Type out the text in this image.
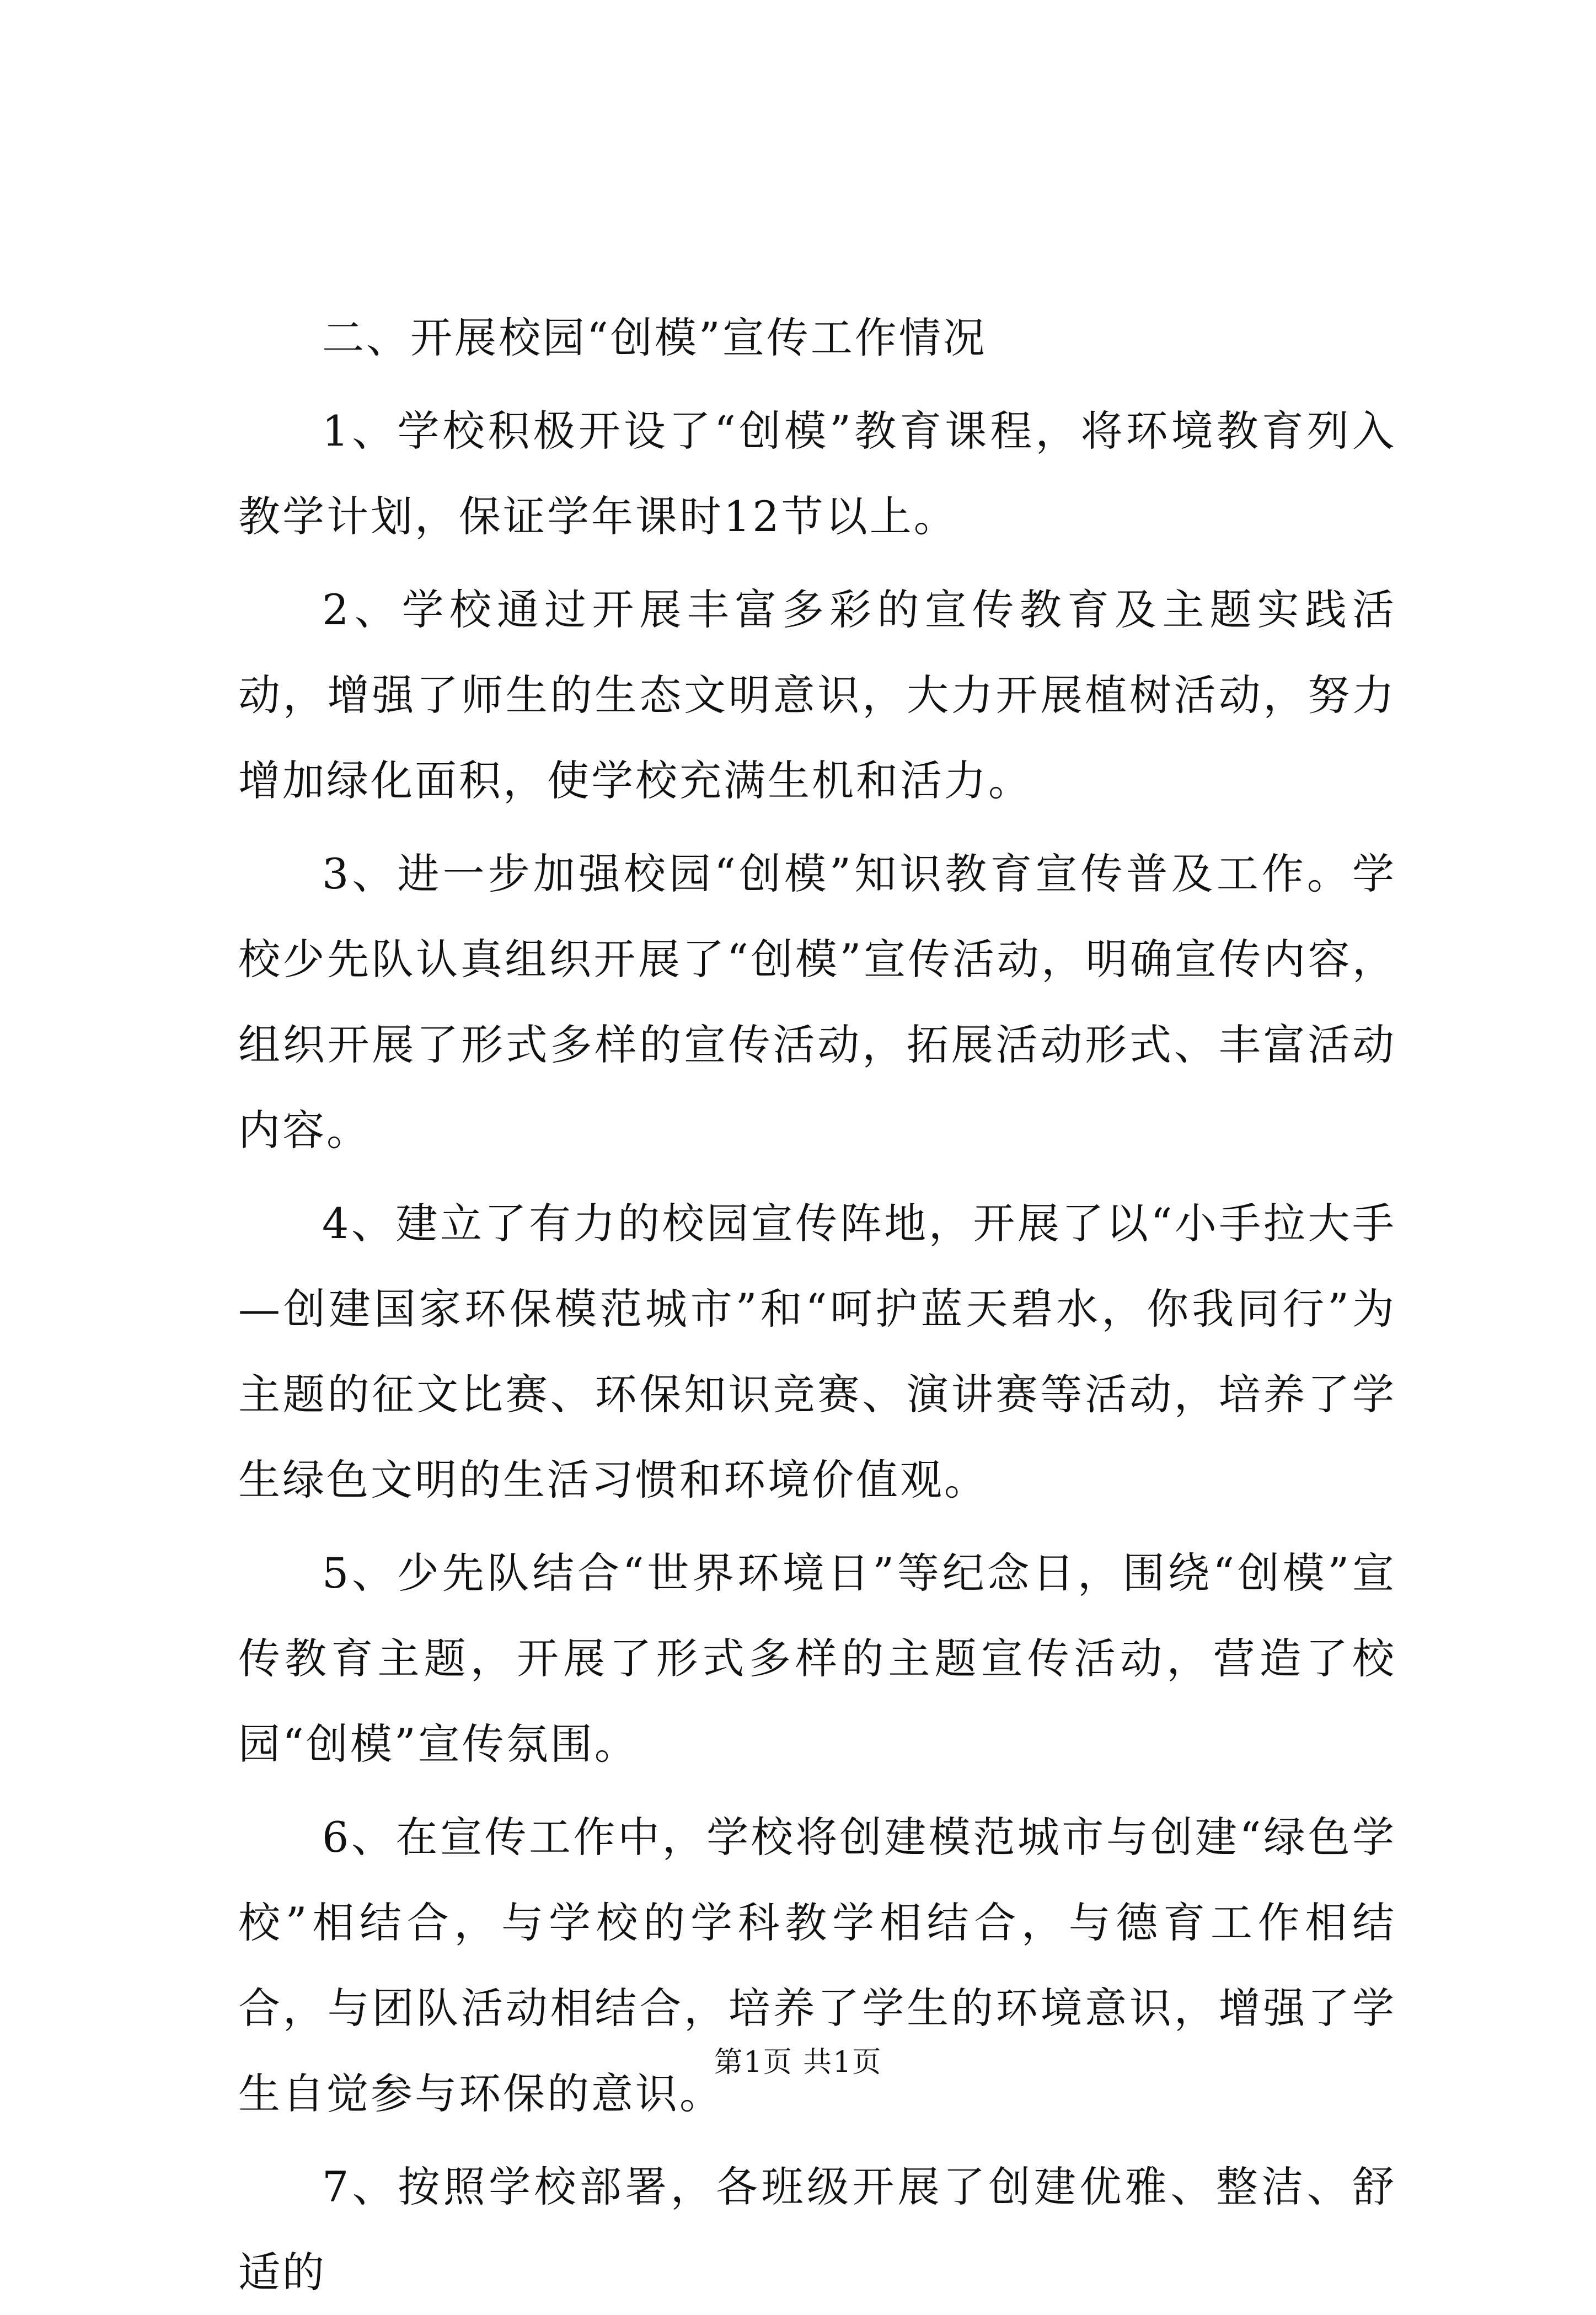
二、开展校园“创模”宣传工作情况

1、学校积极开设了“创模”教育课程，将环境教育列入教学计划，保证学年课时12节以上。

2、学校通过开展丰富多彩的宣传教育及主题实践活动，增强了师生的生态文明意识，大力开展植树活动，努力增加绿化面积，使学校充满生机和活力。

3、进一步加强校园“创模”知识教育宣传普及工作。学校少先队认真组织开展了“创模”宣传活动，明确宣传内容，组织开展了形式多样的宣传活动，拓展活动形式、丰富活动内容。

4、建立了有力的校园宣传阵地，开展了以“小手拉大手—创建国家环保模范城市”和“呵护蓝天碧水，你我同行”为主题的征文比赛、环保知识竞赛、演讲赛等活动，培养了学生绿色文明的生活习惯和环境价值观。

5、少先队结合“世界环境日”等纪念日，围绕“创模”宣传教育主题，开展了形式多样的主题宣传活动，营造了校园“创模”宣传氛围。

6、在宣传工作中，学校将创建模范城市与创建“绿色学校”相结合，与学校的学科教学相结合，与德育工作相结合，与团队活动相结合，培养了学生的环境意识，增强了学生自觉参与环保的意识。

7、按照学校部署，各班级开展了创建优雅、整洁、舒适的

第1页 共1页
